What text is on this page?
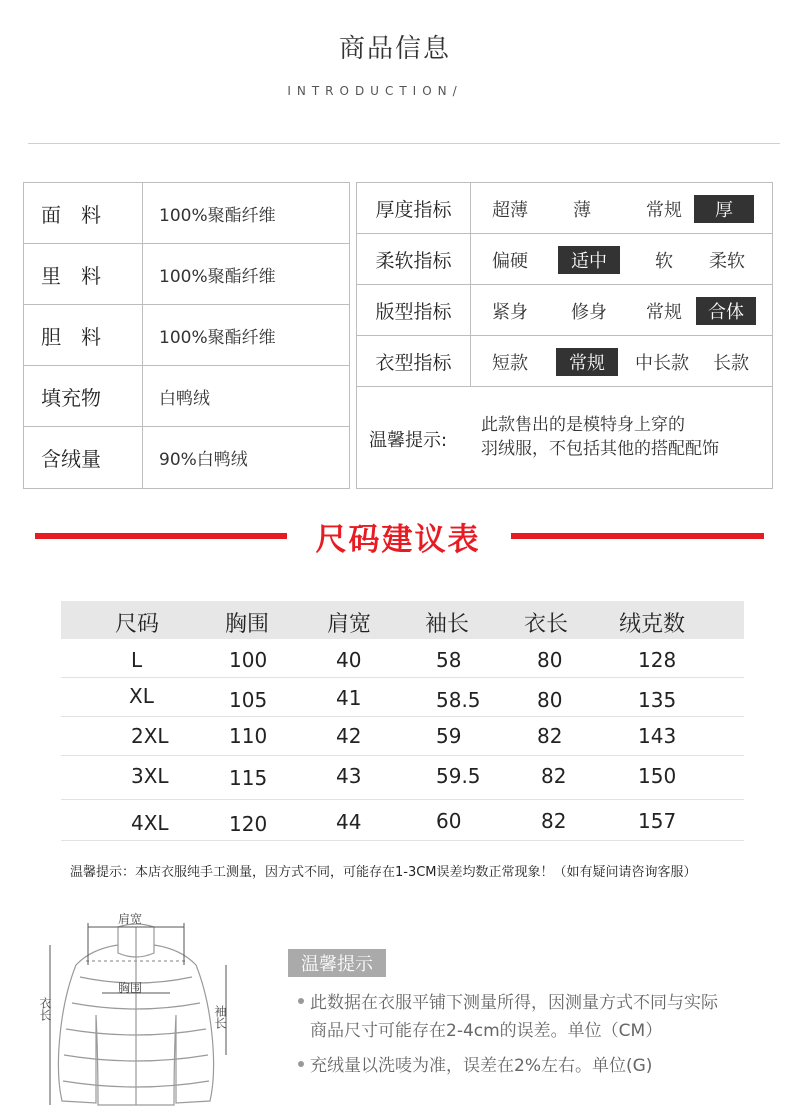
商品信息
INTRODUCTION/
面　料	100%聚酯纤维
里　料	100%聚酯纤维
胆　料	100%聚酯纤维
填充物	白鸭绒
含绒量	90%白鸭绒
厚度指标	超薄	薄	常规	厚
柔软指标	偏硬	适中	软	柔软
版型指标	紧身	修身	常规	合体
衣型指标	短款	常规	中长款	长款
温馨提示:
此款售出的是模特身上穿的
羽绒服，不包括其他的搭配配饰
尺码建议表
尺码	胸围	肩宽 袖长 衣长 绒克数
L	100	40	58	80	128
XL	105	41	58.5	80	135
2XL	110	42	59	82	143
3XL	115	43	59.5	82	150
4XL	120	44	60	82	157
温馨提示：本店衣服纯手工测量，因方式不同，可能存在1-3CM误差均数正常现象！（如有疑问请咨询客服）
肩宽
胸围
衣长	袖长
温馨提示
此数据在衣服平铺下测量所得，因测量方式不同与实际
商品尺寸可能存在2-4cm的误差。单位（CM）
充绒量以洗唛为准，误差在2%左右。单位(G)
